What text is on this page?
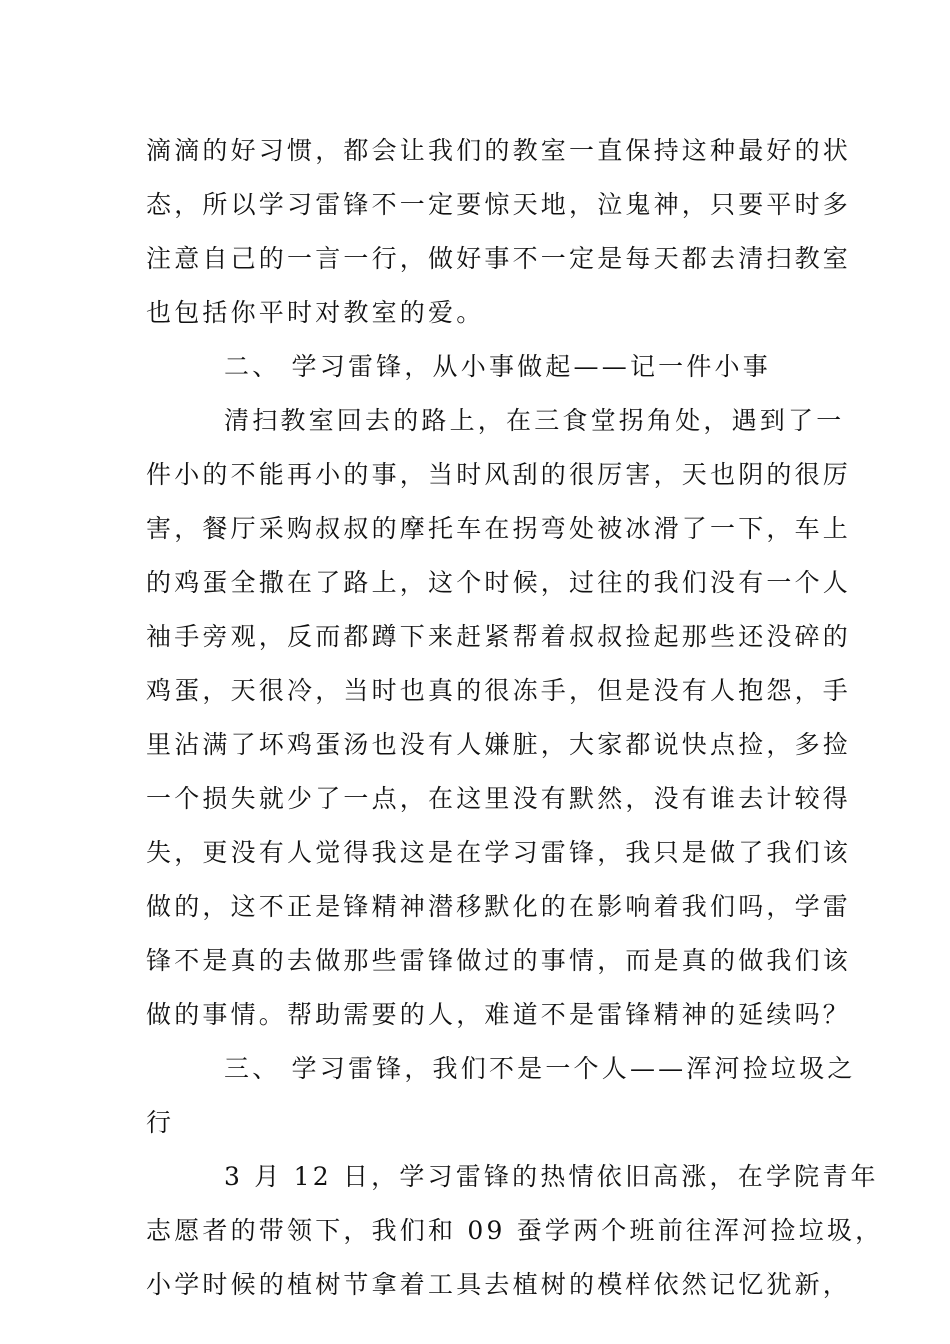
滴滴的好习惯，都会让我们的教室一直保持这种最好的状
态，所以学习雷锋不一定要惊天地，泣鬼神，只要平时多
注意自己的一言一行，做好事不一定是每天都去清扫教室
也包括你平时对教室的爱。
二、 学习雷锋，从小事做起——记一件小事
清扫教室回去的路上，在三食堂拐角处，遇到了一
件小的不能再小的事，当时风刮的很厉害，天也阴的很厉
害，餐厅采购叔叔的摩托车在拐弯处被冰滑了一下，车上
的鸡蛋全撒在了路上，这个时候，过往的我们没有一个人
袖手旁观，反而都蹲下来赶紧帮着叔叔捡起那些还没碎的
鸡蛋，天很冷，当时也真的很冻手，但是没有人抱怨，手
里沾满了坏鸡蛋汤也没有人嫌脏，大家都说快点捡，多捡
一个损失就少了一点，在这里没有默然，没有谁去计较得
失，更没有人觉得我这是在学习雷锋，我只是做了我们该
做的，这不正是锋精神潜移默化的在影响着我们吗，学雷
锋不是真的去做那些雷锋做过的事情，而是真的做我们该
做的事情。帮助需要的人，难道不是雷锋精神的延续吗？
三、 学习雷锋，我们不是一个人——浑河捡垃圾之
行
3 月 12 日，学习雷锋的热情依旧高涨，在学院青年
志愿者的带领下，我们和 09 蚕学两个班前往浑河捡垃圾，
小学时候的植树节拿着工具去植树的模样依然记忆犹新，
